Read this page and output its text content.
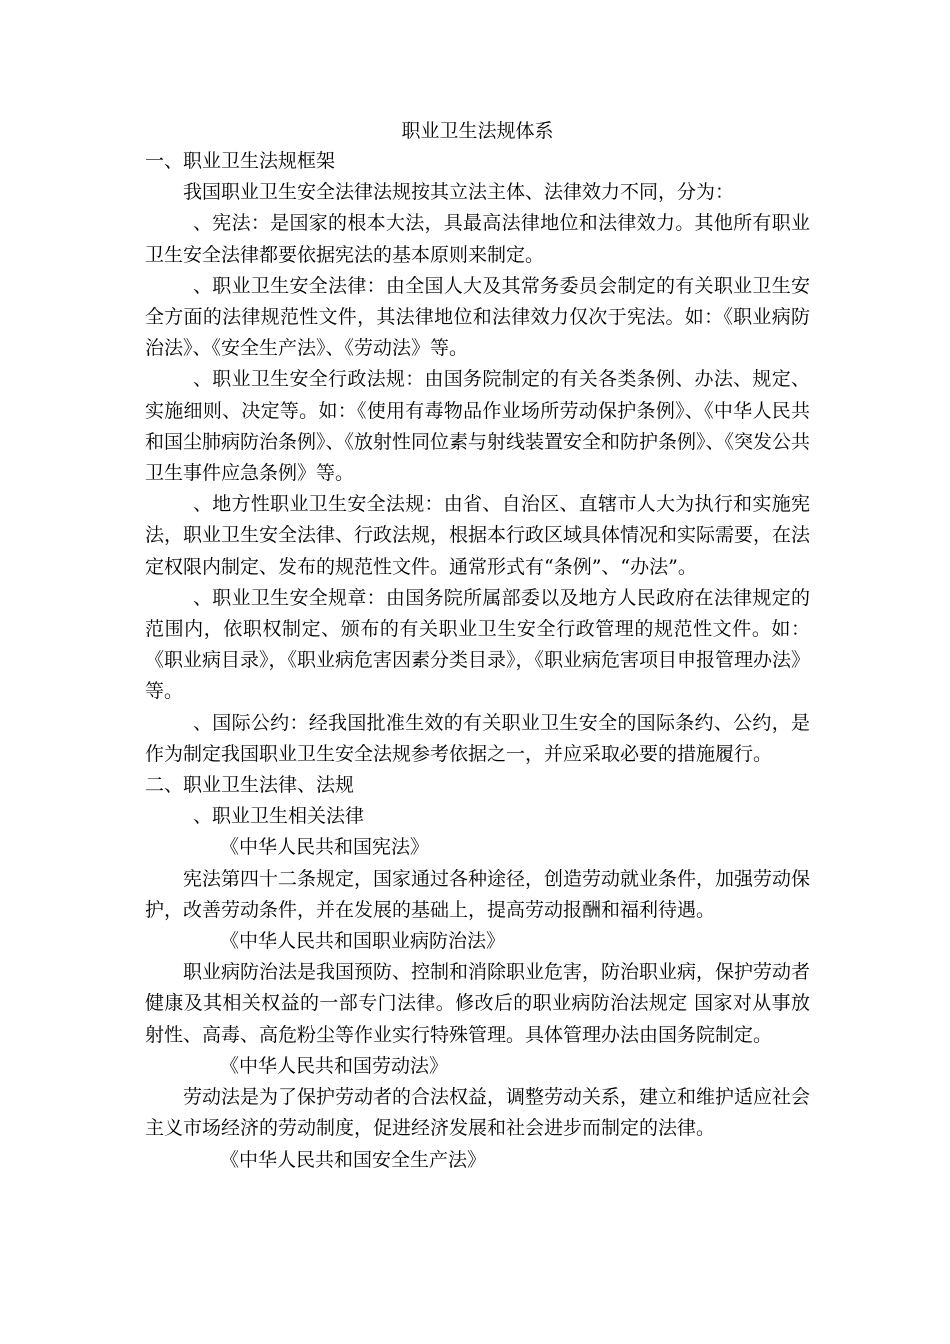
职业卫生法规体系

一、职业卫生法规框架

我国职业卫生安全法律法规按其立法主体、法律效力不同，分为：

、宪法：是国家的根本大法，具最高法律地位和法律效力。其他所有职业卫生安全法律都要依据宪法的基本原则来制定。

、职业卫生安全法律：由全国人大及其常务委员会制定的有关职业卫生安全方面的法律规范性文件，其法律地位和法律效力仅次于宪法。如：《职业病防治法》、《安全生产法》、《劳动法》等。

、职业卫生安全行政法规：由国务院制定的有关各类条例、办法、规定、实施细则、决定等。如：《使用有毒物品作业场所劳动保护条例》、《中华人民共和国尘肺病防治条例》、《放射性同位素与射线装置安全和防护条例》、《突发公共卫生事件应急条例》等。

、地方性职业卫生安全法规：由省、自治区、直辖市人大为执行和实施宪法，职业卫生安全法律、行政法规，根据本行政区域具体情况和实际需要，在法定权限内制定、发布的规范性文件。通常形式有“条例”、“办法”。

、职业卫生安全规章：由国务院所属部委以及地方人民政府在法律规定的范围内，依职权制定、颁布的有关职业卫生安全行政管理的规范性文件。如：《职业病目录》，《职业病危害因素分类目录》，《职业病危害项目申报管理办法》等。

、国际公约：经我国批准生效的有关职业卫生安全的国际条约、公约，是作为制定我国职业卫生安全法规参考依据之一，并应采取必要的措施履行。

二、职业卫生法律、法规

、职业卫生相关法律

《中华人民共和国宪法》

宪法第四十二条规定，国家通过各种途径，创造劳动就业条件，加强劳动保护，改善劳动条件，并在发展的基础上，提高劳动报酬和福利待遇。

《中华人民共和国职业病防治法》

职业病防治法是我国预防、控制和消除职业危害，防治职业病，保护劳动者健康及其相关权益的一部专门法律。修改后的职业病防治法规定 国家对从事放射性、高毒、高危粉尘等作业实行特殊管理。具体管理办法由国务院制定。

《中华人民共和国劳动法》

劳动法是为了保护劳动者的合法权益，调整劳动关系，建立和维护适应社会主义市场经济的劳动制度，促进经济发展和社会进步而制定的法律。

《中华人民共和国安全生产法》
